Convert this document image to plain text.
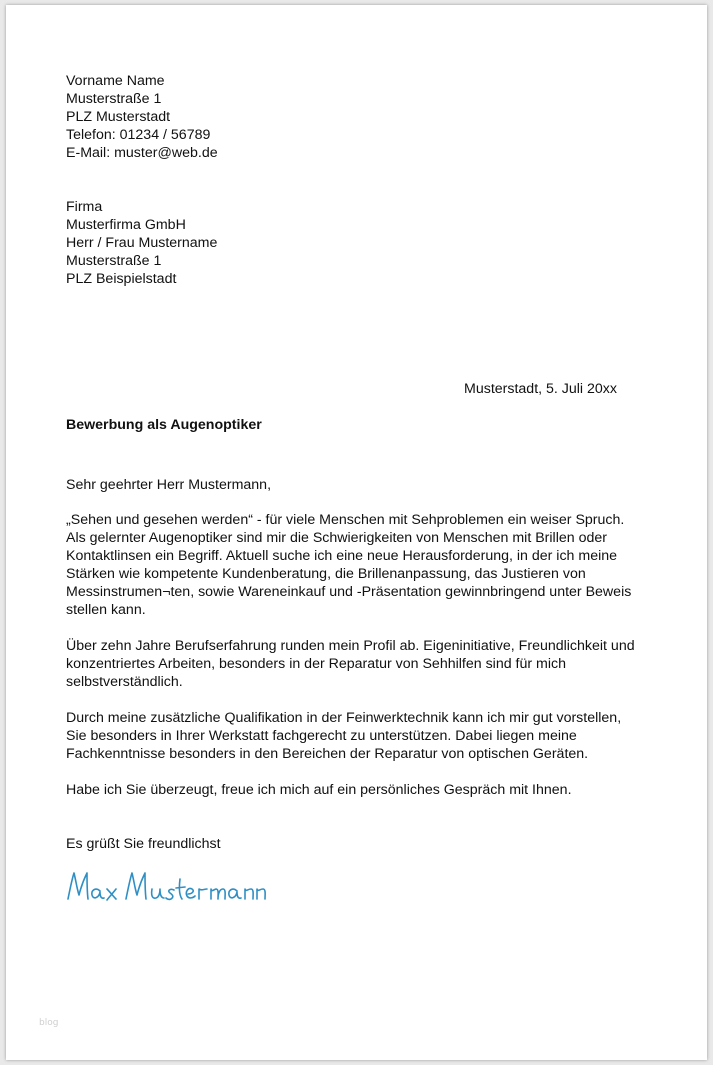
Vorname Name
Musterstraße 1
PLZ Musterstadt
Telefon: 01234 / 56789
E-Mail: muster@web.de
Firma
Musterfirma GmbH
Herr / Frau Mustername
Musterstraße 1
PLZ Beispielstadt
Musterstadt, 5. Juli 20xx
Bewerbung als Augenoptiker
Sehr geehrter Herr Mustermann,
„Sehen und gesehen werden“ - für viele Menschen mit Sehproblemen ein weiser Spruch.
Als gelernter Augenoptiker sind mir die Schwierigkeiten von Menschen mit Brillen oder
Kontaktlinsen ein Begriff. Aktuell suche ich eine neue Herausforderung, in der ich meine
Stärken wie kompetente Kundenberatung, die Brillenanpassung, das Justieren von
Messinstrumen¬ten, sowie Wareneinkauf und -Präsentation gewinnbringend unter Beweis
stellen kann.
Über zehn Jahre Berufserfahrung runden mein Profil ab. Eigeninitiative, Freundlichkeit und
konzentriertes Arbeiten, besonders in der Reparatur von Sehhilfen sind für mich
selbstverständlich.
Durch meine zusätzliche Qualifikation in der Feinwerktechnik kann ich mir gut vorstellen,
Sie besonders in Ihrer Werkstatt fachgerecht zu unterstützen. Dabei liegen meine
Fachkenntnisse besonders in den Bereichen der Reparatur von optischen Geräten.
Habe ich Sie überzeugt, freue ich mich auf ein persönliches Gespräch mit Ihnen.
Es grüßt Sie freundlichst
blog
